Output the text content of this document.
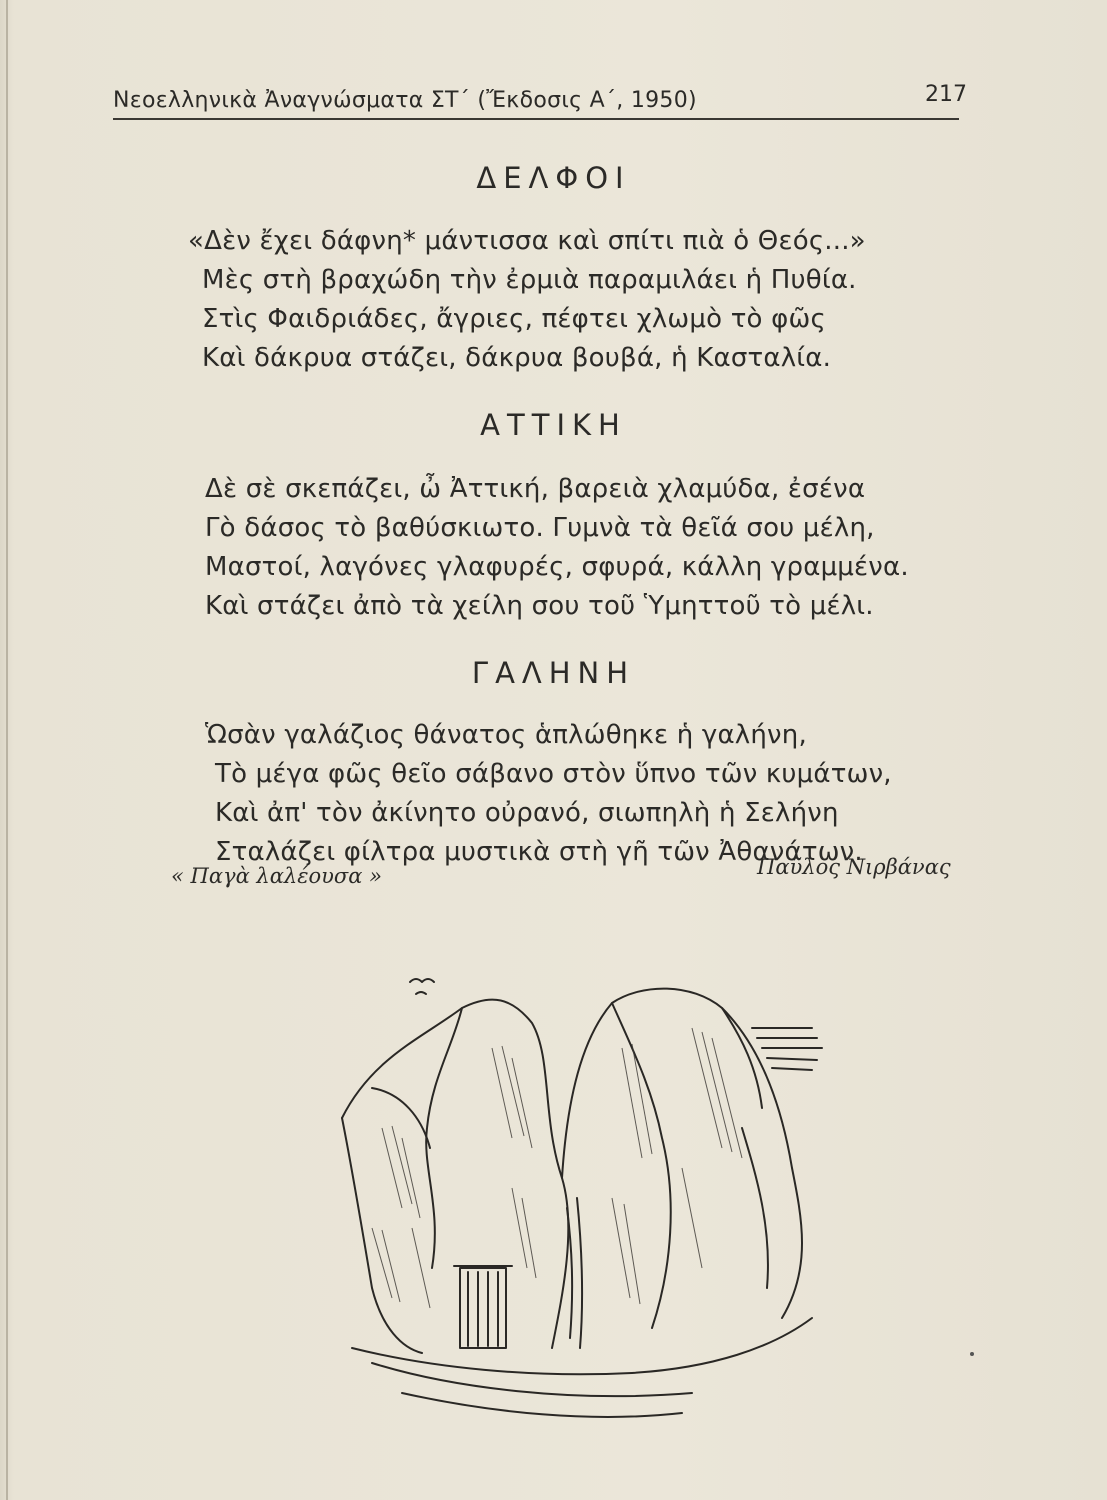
Νεοελληνικὰ Ἀναγνώσματα ΣΤ΄ (Ἔκδοσις Α΄, 1950)	217
ΔΕΛΦΟΙ
«Δὲν ἔχει δάφνη* μάντισσα καὶ σπίτι πιὰ ὁ Θεός...»
Μὲς στὴ βραχώδη τὴν ἐρμιὰ παραμιλάει ἡ Πυθία.
Στὶς Φαιδριάδες, ἄγριες, πέφτει χλωμὸ τὸ φῶς
Καὶ δάκρυα στάζει, δάκρυα βουβά, ἡ Κασταλία.
ΑΤΤΙΚΗ
Δὲ σὲ σκεπάζει, ὦ Ἀττική, βαρειὰ χλαμύδα, ἐσένα
Γὸ δάσος τὸ βαθύσκιωτο. Γυμνὰ τὰ θεῖά σου μέλη,
Μαστοί, λαγόνες γλαφυρές, σφυρά, κάλλη γραμμένα.
Καὶ στάζει ἀπὸ τὰ χείλη σου τοῦ Ὑμηττοῦ τὸ μέλι.
ΓΑΛΗΝΗ
Ὡσὰν γαλάζιος θάνατος ἁπλώθηκε ἡ γαλήνη,
Τὸ μέγα φῶς θεῖο σάβανο στὸν ὕπνο τῶν κυμάτων,
Καὶ ἀπ' τὸν ἀκίνητο οὐρανό, σιωπηλὴ ἡ Σελήνη
Σταλάζει φίλτρα μυστικὰ στὴ γῆ τῶν Ἀθανάτων.
« Παγὰ λαλέουσα »	Παῦλος Νιρβάνας
